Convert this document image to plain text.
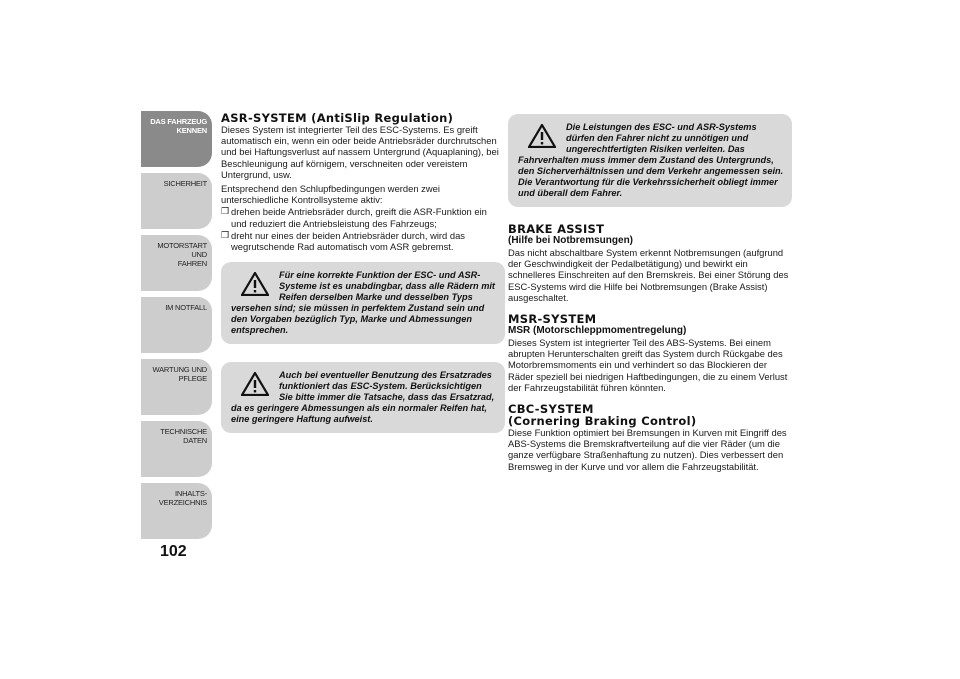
DAS FAHRZEUG
KENNEN
SICHERHEIT
MOTORSTART UND
FAHREN
IM NOTFALL
WARTUNG UND
PFLEGE
TECHNISCHE DATEN
INHALTS-
VERZEICHNIS
102
ASR-SYSTEM (AntiSlip Regulation)

Dieses System ist integrierter Teil des ESC-Systems. Es greift automatisch ein, wenn ein oder beide Antriebsräder durchrutschen und bei Haftungsverlust auf nassem Untergrund (Aquaplaning), bei Beschleunigung auf körnigem, verschneiten oder vereistem Untergrund, usw.

Entsprechend den Schlupfbedingungen werden zwei unterschiedliche Kontrollsysteme aktiv:

❒ drehen beide Antriebsräder durch, greift die ASR-Funktion ein und reduziert die Antriebsleistung des Fahrzeugs;
❒ dreht nur eines der beiden Antriebsräder durch, wird das wegrutschende Rad automatisch vom ASR gebremst.
Für eine korrekte Funktion der ESC- und ASR-Systeme ist es unabdingbar, dass alle Rädern mit Reifen derselben Marke und desselben Typs versehen sind; sie müssen in perfektem Zustand sein und den Vorgaben bezüglich Typ, Marke und Abmessungen entsprechen.
Auch bei eventueller Benutzung des Ersatzrades funktioniert das ESC-System. Berücksichtigen Sie bitte immer die Tatsache, dass das Ersatzrad, da es geringere Abmessungen als ein normaler Reifen hat, eine geringere Haftung aufweist.
Die Leistungen des ESC- und ASR-Systems dürfen den Fahrer nicht zu unnötigen und ungerechtfertigten Risiken verleiten. Das Fahrverhalten muss immer dem Zustand des Untergrunds, den Sicherverhältnissen und dem Verkehr angemessen sein. Die Verantwortung für die Verkehrssicherheit obliegt immer und überall dem Fahrer.
BRAKE ASSIST
(Hilfe bei Notbremsungen)

Das nicht abschaltbare System erkennt Notbremsungen (aufgrund der Geschwindigkeit der Pedalbetätigung) und bewirkt ein schnelleres Einschreiten auf den Bremskreis. Bei einer Störung des ESC-Systems wird die Hilfe bei Notbremsungen (Brake Assist) ausgeschaltet.

MSR-SYSTEM
MSR (Motorschleppmomentregelung)

Dieses System ist integrierter Teil des ABS-Systems. Bei einem abrupten Herunterschalten greift das System durch Rückgabe des Motorbremsmoments ein und verhindert so das Blockieren der Räder speziell bei niedrigen Haftbedingungen, die zu einem Verlust der Fahrzeugstabilität führen könnten.

CBC-SYSTEM
(Cornering Braking Control)

Diese Funktion optimiert bei Bremsungen in Kurven mit Eingriff des ABS-Systems die Bremskraftverteilung auf die vier Räder (um die ganze verfügbare Straßenhaftung zu nutzen). Dies verbessert den Bremsweg in der Kurve und vor allem die Fahrzeugstabilität.
